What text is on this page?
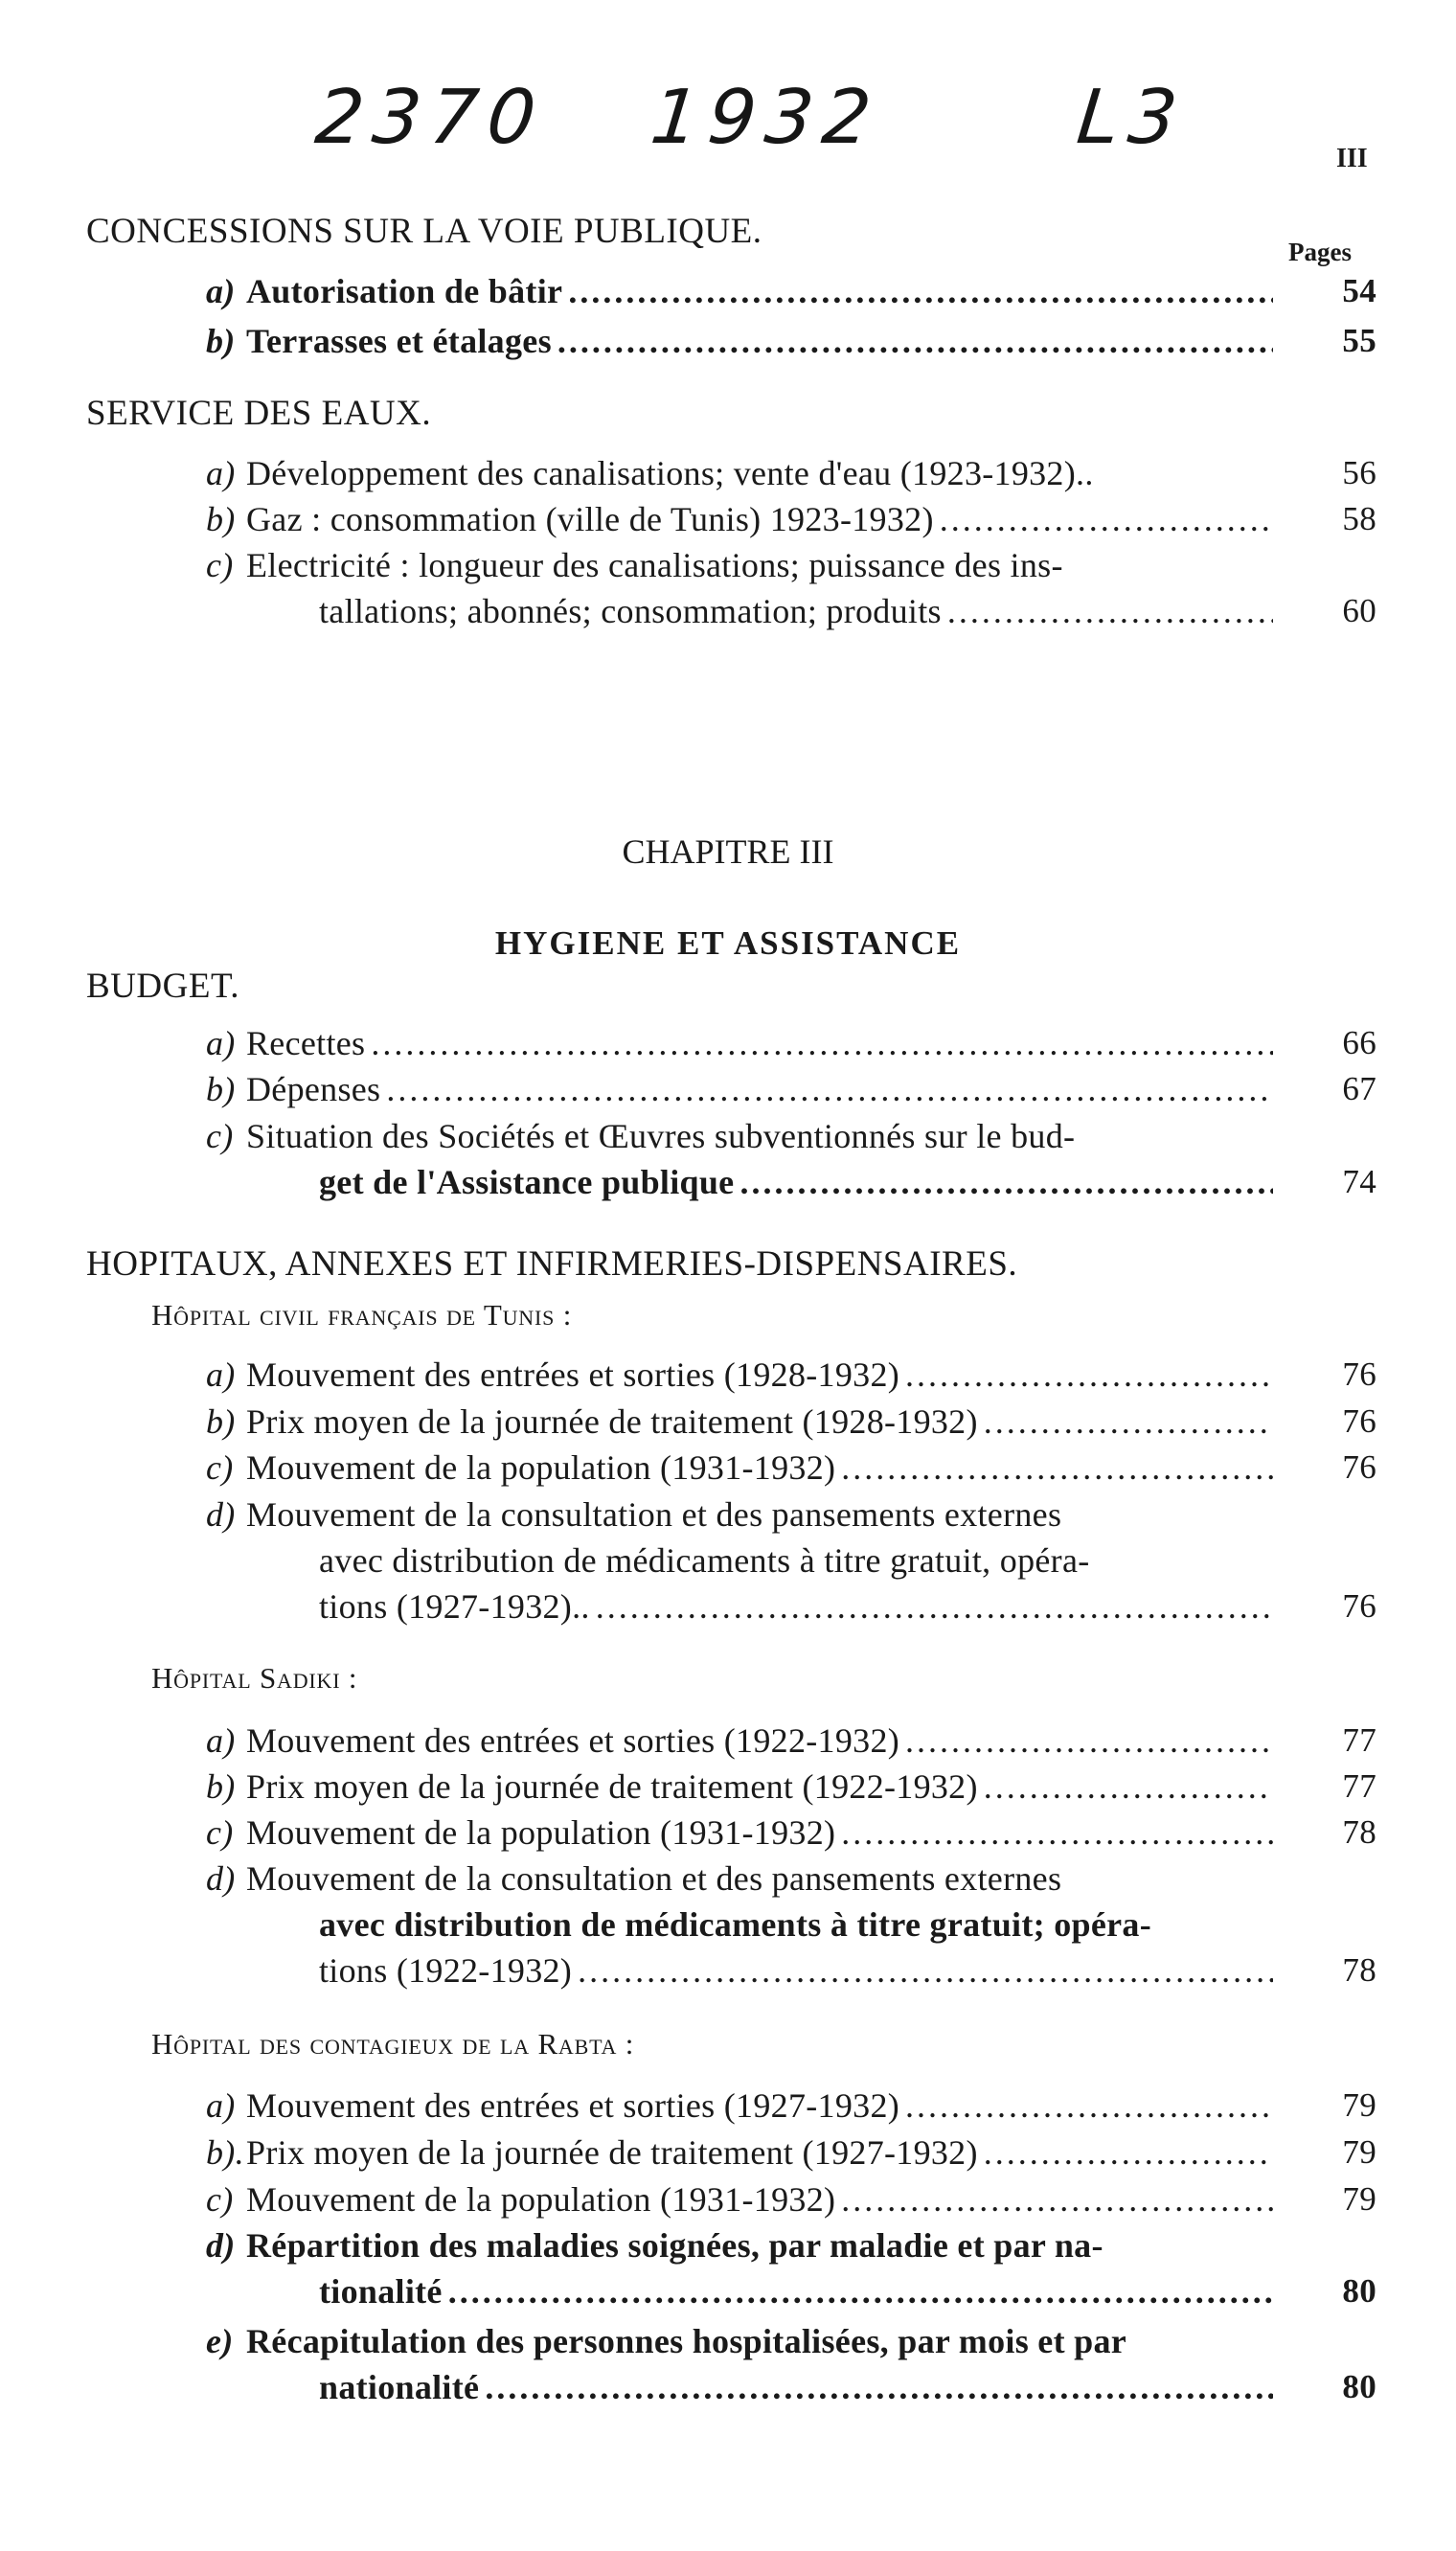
2370 1932	L3	III
Pages
CONCESSIONS SUR LA VOIE PUBLIQUE.
a) Autorisation de bâtir .....	54
b) Terrasses et étalages .....	55
SERVICE DES EAUX.
a) Développement des canalisations; vente d'eau (1923-1932)..	56
b) Gaz : consommation (ville de Tunis) 1923-1932) .....	58
c) Electricité : longueur des canalisations; puissance des ins-
tallations; abonnés; consommation; produits .....	60
CHAPITRE III
HYGIENE ET ASSISTANCE
BUDGET.
a) Recettes .....	66
b) Dépenses .....	67
c) Situation des Sociétés et Œuvres subventionnés sur le bud-
get de l'Assistance publique .....	74
HOPITAUX, ANNEXES ET INFIRMERIES-DISPENSAIRES.
Hôpital civil français de Tunis :
a) Mouvement des entrées et sorties (1928-1932) .....	76
b) Prix moyen de la journée de traitement (1928-1932) .....	76
c) Mouvement de la population (1931-1932) .....	76
d) Mouvement de la consultation et des pansements externes
avec distribution de médicaments à titre gratuit, opéra-
tions (1927-1932).. .....	76
Hôpital Sadiki :
a) Mouvement des entrées et sorties (1922-1932) .....	77
b) Prix moyen de la journée de traitement (1922-1932) .....	77
c) Mouvement de la population (1931-1932) .....	78
d) Mouvement de la consultation et des pansements externes
avec distribution de médicaments à titre gratuit; opéra-
tions (1922-1932) .....	78
Hôpital des contagieux de la Rabta :
a) Mouvement des entrées et sorties (1927-1932) .....	79
b). Prix moyen de la journée de traitement (1927-1932) .....	79
c) Mouvement de la population (1931-1932) .....	79
d) Répartition des maladies soignées, par maladie et par na-
tionalité .....	80
e) Récapitulation des personnes hospitalisées, par mois et par
nationalité .....	80
